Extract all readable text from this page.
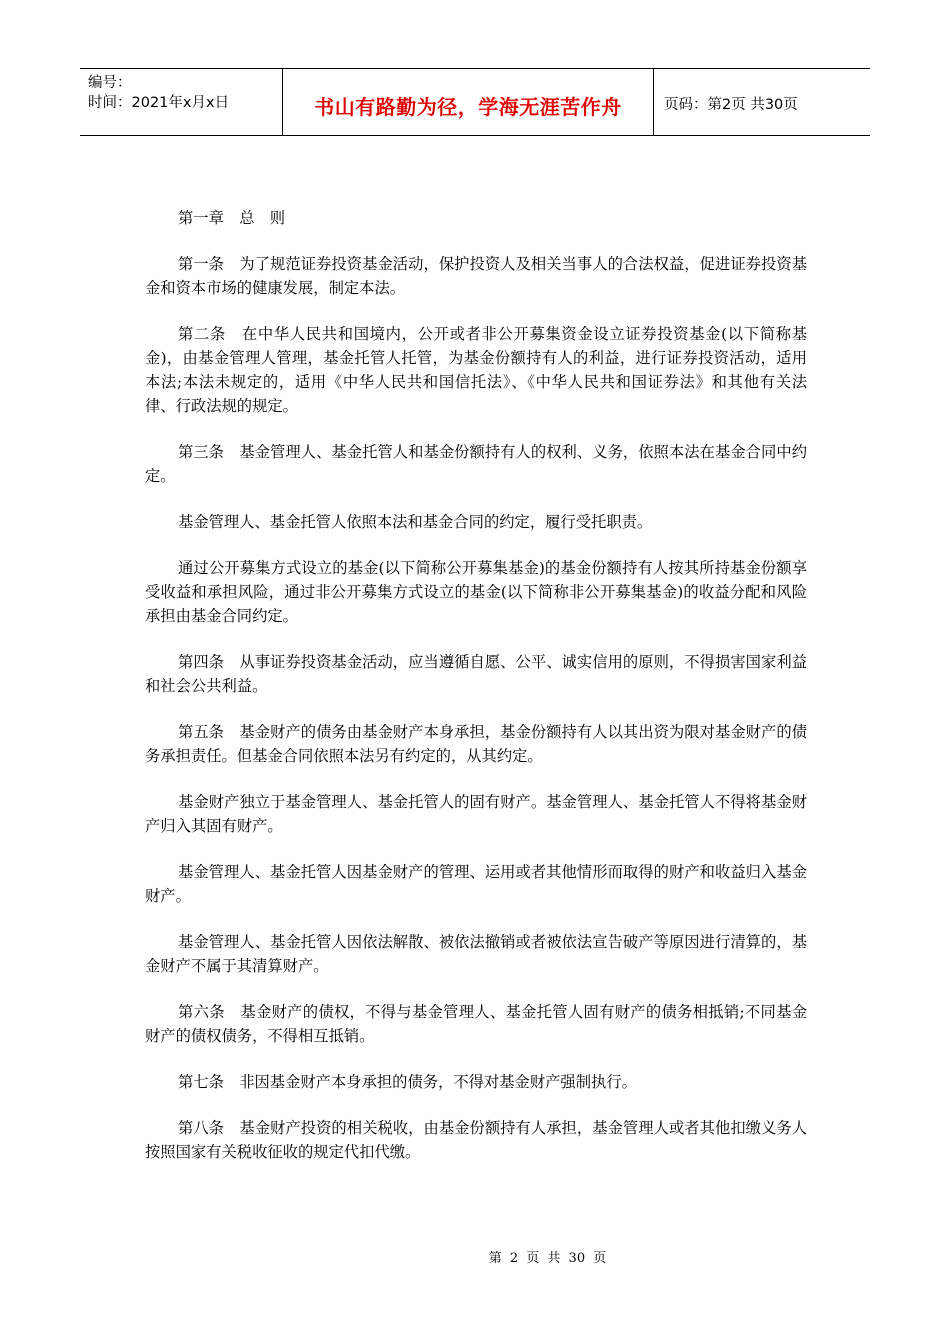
编号：
时间：2021年x月x日	书山有路勤为径，学海无涯苦作舟	页码：第2页 共30页

第一章　总　则

第一条　为了规范证券投资基金活动，保护投资人及相关当事人的合法权益，促进证券投资基金和资本市场的健康发展，制定本法。

第二条　在中华人民共和国境内，公开或者非公开募集资金设立证券投资基金(以下简称基金)，由基金管理人管理，基金托管人托管，为基金份额持有人的利益，进行证券投资活动，适用本法;本法未规定的，适用《中华人民共和国信托法》、《中华人民共和国证券法》和其他有关法律、行政法规的规定。

第三条　基金管理人、基金托管人和基金份额持有人的权利、义务，依照本法在基金合同中约定。

基金管理人、基金托管人依照本法和基金合同的约定，履行受托职责。

通过公开募集方式设立的基金(以下简称公开募集基金)的基金份额持有人按其所持基金份额享受收益和承担风险，通过非公开募集方式设立的基金(以下简称非公开募集基金)的收益分配和风险承担由基金合同约定。

第四条　从事证券投资基金活动，应当遵循自愿、公平、诚实信用的原则，不得损害国家利益和社会公共利益。

第五条　基金财产的债务由基金财产本身承担，基金份额持有人以其出资为限对基金财产的债务承担责任。但基金合同依照本法另有约定的，从其约定。

基金财产独立于基金管理人、基金托管人的固有财产。基金管理人、基金托管人不得将基金财产归入其固有财产。

基金管理人、基金托管人因基金财产的管理、运用或者其他情形而取得的财产和收益归入基金财产。

基金管理人、基金托管人因依法解散、被依法撤销或者被依法宣告破产等原因进行清算的，基金财产不属于其清算财产。

第六条　基金财产的债权，不得与基金管理人、基金托管人固有财产的债务相抵销;不同基金财产的债权债务，不得相互抵销。

第七条　非因基金财产本身承担的债务，不得对基金财产强制执行。

第八条　基金财产投资的相关税收，由基金份额持有人承担，基金管理人或者其他扣缴义务人按照国家有关税收征收的规定代扣代缴。

第 2 页 共 30 页
